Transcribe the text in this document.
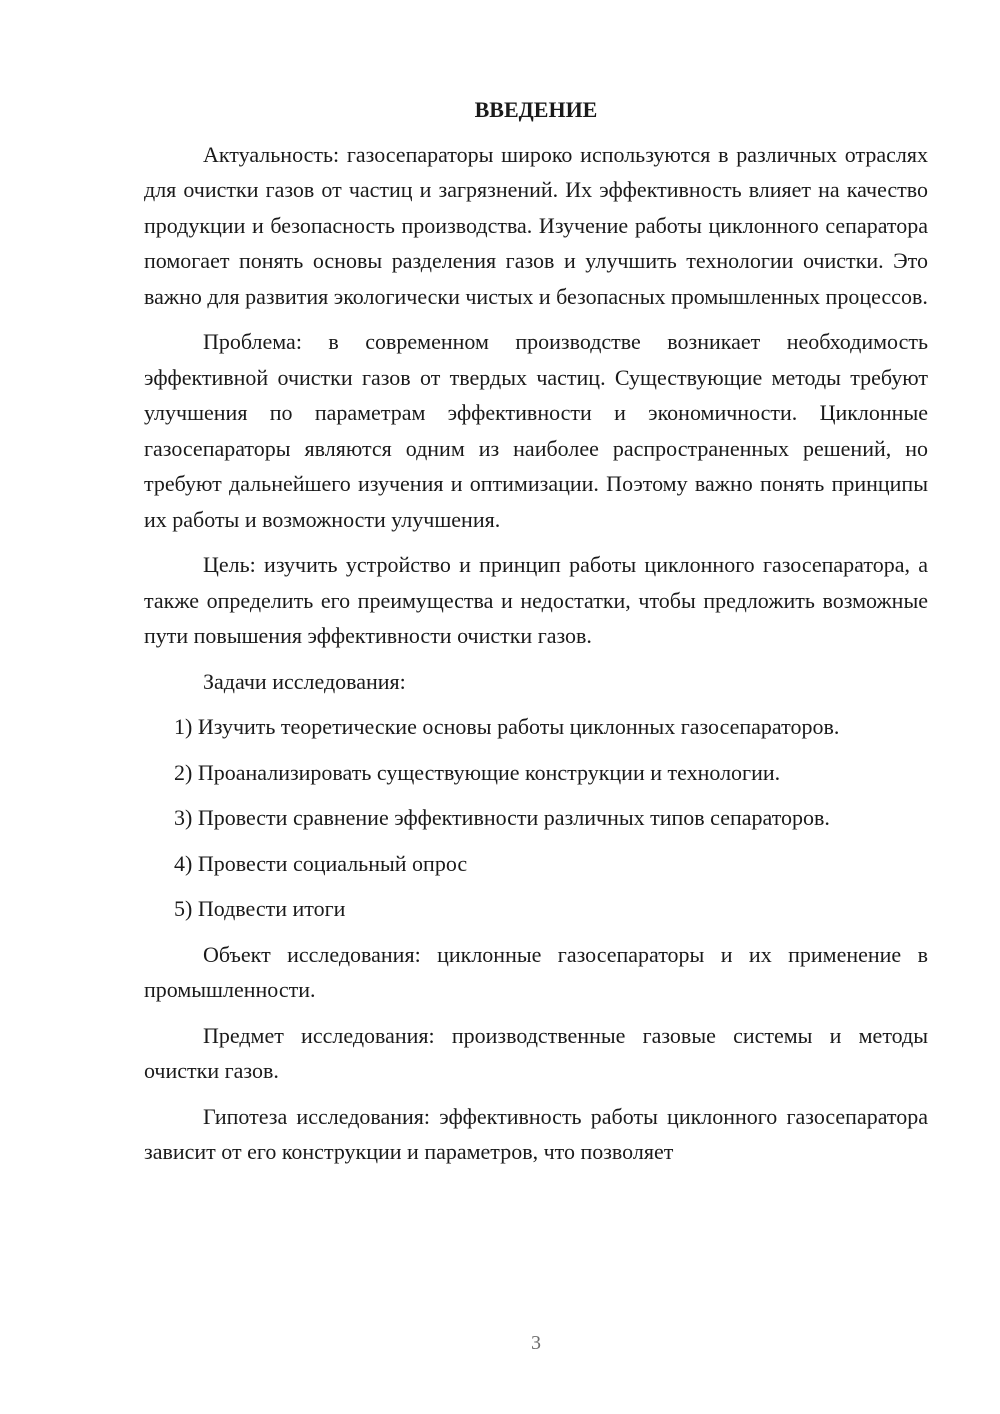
ВВЕДЕНИЕ

Актуальность: газосепараторы широко используются в различных отраслях для очистки газов от частиц и загрязнений. Их эффективность влияет на качество продукции и безопасность производства. Изучение работы циклонного сепаратора помогает понять основы разделения газов и улучшить технологии очистки. Это важно для развития экологически чистых и безопасных промышленных процессов.

Проблема: в современном производстве возникает необходимость эффективной очистки газов от твердых частиц. Существующие методы требуют улучшения по параметрам эффективности и экономичности. Циклонные газосепараторы являются одним из наиболее распространенных решений, но требуют дальнейшего изучения и оптимизации. Поэтому важно понять принципы их работы и возможности улучшения.

Цель: изучить устройство и принцип работы циклонного газосепаратора, а также определить его преимущества и недостатки, чтобы предложить возможные пути повышения эффективности очистки газов.

Задачи исследования:

1) Изучить теоретические основы работы циклонных газосепараторов.

2) Проанализировать существующие конструкции и технологии.

3) Провести сравнение эффективности различных типов сепараторов.

4) Провести социальный опрос

5) Подвести итоги

Объект исследования: циклонные газосепараторы и их применение в промышленности.

Предмет исследования: производственные газовые системы и методы очистки газов.

Гипотеза исследования: эффективность работы циклонного газосепаратора зависит от его конструкции и параметров, что позволяет

3
